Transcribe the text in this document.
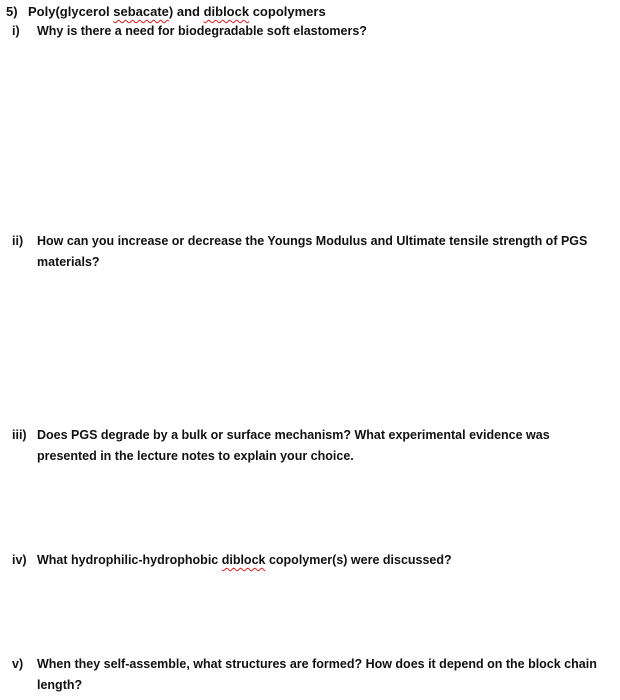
5) Poly(glycerol sebacate) and diblock copolymers
i)	Why is there a need for biodegradable soft elastomers?
ii)	How can you increase or decrease the Youngs Modulus and Ultimate tensile strength of PGS materials?
iii) Does PGS degrade by a bulk or surface mechanism? What experimental evidence was presented in the lecture notes to explain your choice.
iv) What hydrophilic-hydrophobic diblock copolymer(s) were discussed?
v)	When they self-assemble, what structures are formed? How does it depend on the block chain length?
